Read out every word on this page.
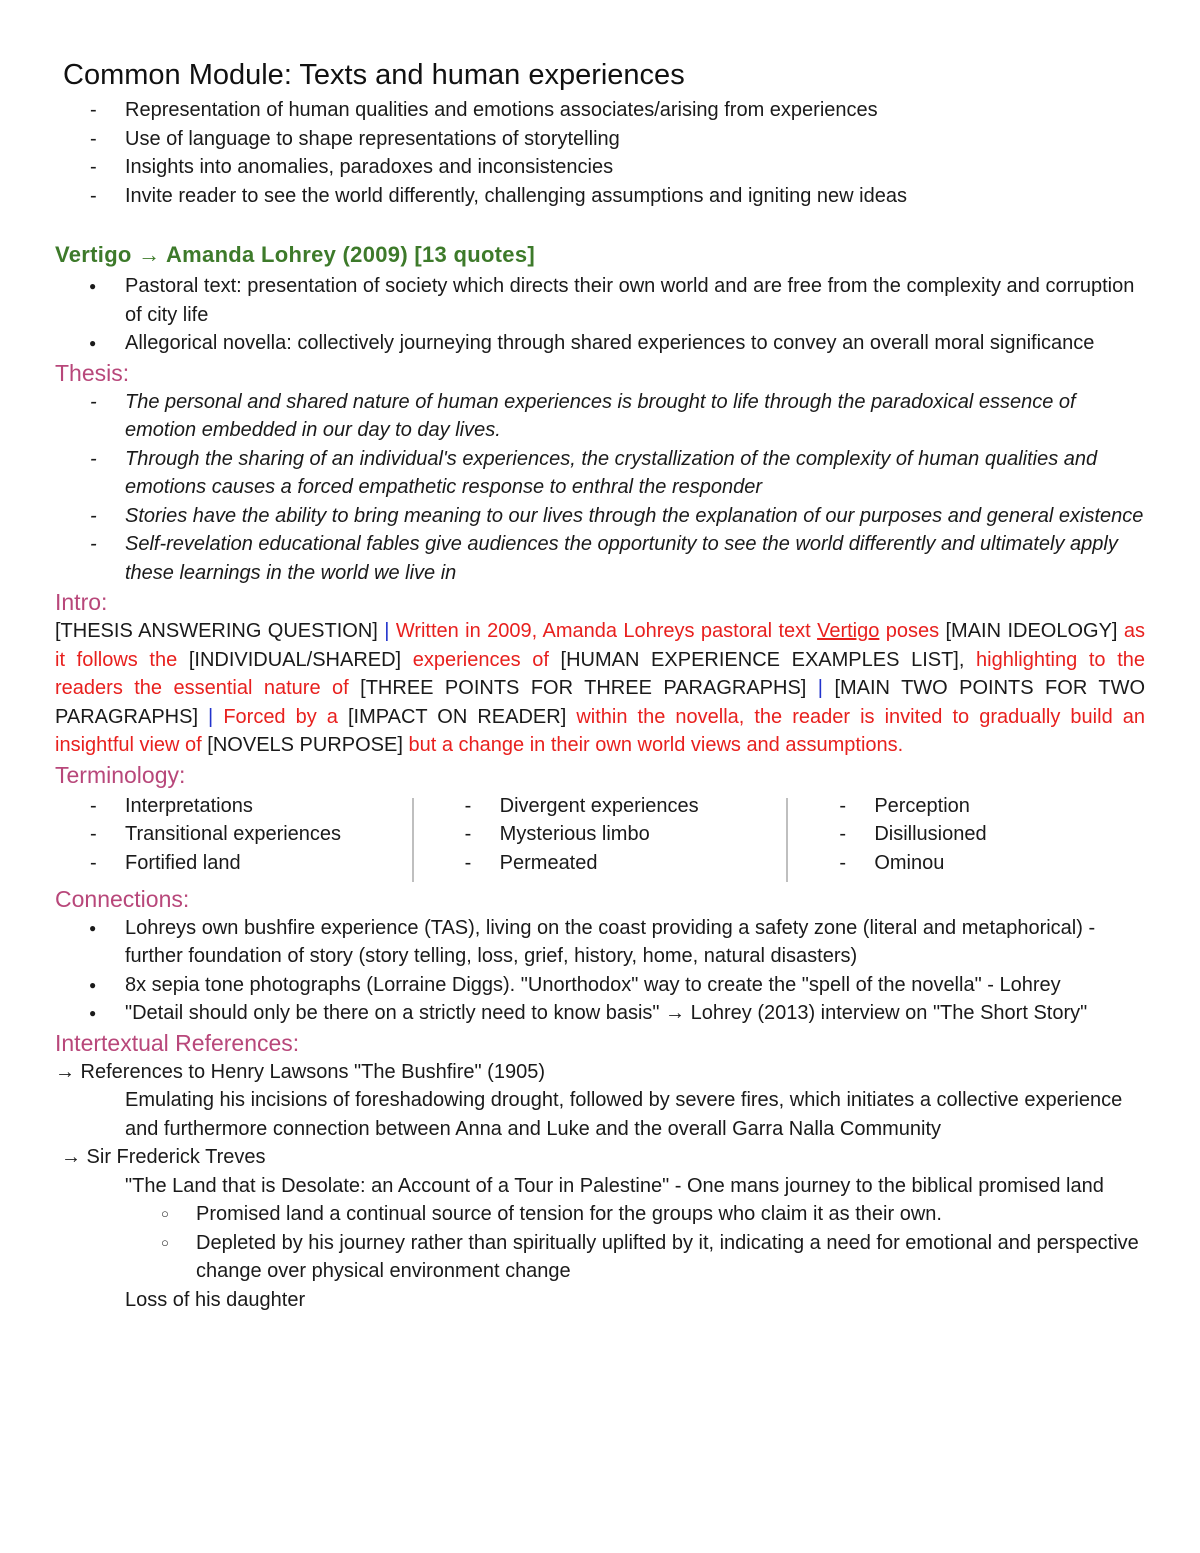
Common Module: Texts and human experiences
- Representation of human qualities and emotions associates/arising from experiences
- Use of language to shape representations of storytelling
- Insights into anomalies, paradoxes and inconsistencies
- Invite reader to see the world differently, challenging assumptions and igniting new ideas
Vertigo → Amanda Lohrey (2009) [13 quotes]
● Pastoral text: presentation of society which directs their own world and are free from the complexity and corruption of city life
● Allegorical novella: collectively journeying through shared experiences to convey an overall moral significance
Thesis:
- The personal and shared nature of human experiences is brought to life through the paradoxical essence of emotion embedded in our day to day lives.
- Through the sharing of an individual's experiences, the crystallization of the complexity of human qualities and emotions causes a forced empathetic response to enthral the responder
- Stories have the ability to bring meaning to our lives through the explanation of our purposes and general existence
- Self-revelation educational fables give audiences the opportunity to see the world differently and ultimately apply these learnings in the world we live in
Intro:

[THESIS ANSWERING QUESTION] | Written in 2009, Amanda Lohreys pastoral text Vertigo poses [MAIN IDEOLOGY] as it follows the [INDIVIDUAL/SHARED] experiences of [HUMAN EXPERIENCE EXAMPLES LIST], highlighting to the readers the essential nature of [THREE POINTS FOR THREE PARAGRAPHS] | [MAIN TWO POINTS FOR TWO PARAGRAPHS] | Forced by a [IMPACT ON READER] within the novella, the reader is invited to gradually build an insightful view of [NOVELS PURPOSE] but a change in their own world views and assumptions.

Terminology:
- Interpretations
- Transitional experiences
- Fortified land
- Divergent experiences
- Mysterious limbo
- Permeated
- Perception
- Disillusioned
- Ominou
Connections:
● Lohreys own bushfire experience (TAS), living on the coast providing a safety zone (literal and metaphorical) - further foundation of story (story telling, loss, grief, history, home, natural disasters)
● 8x sepia tone photographs (Lorraine Diggs). "Unorthodox" way to create the "spell of the novella" - Lohrey
● "Detail should only be there on a strictly need to know basis" → Lohrey (2013) interview on "The Short Story"
Intertextual References:

→ References to Henry Lawsons "The Bushfire" (1905)

Emulating his incisions of foreshadowing drought, followed by severe fires, which initiates a collective experience and furthermore connection between Anna and Luke and the overall Garra Nalla Community

→ Sir Frederick Treves

"The Land that is Desolate: an Account of a Tour in Palestine" - One mans journey to the biblical promised land

○ Promised land a continual source of tension for the groups who claim it as their own.
○ Depleted by his journey rather than spiritually uplifted by it, indicating a need for emotional and perspective change over physical environment change

Loss of his daughter
